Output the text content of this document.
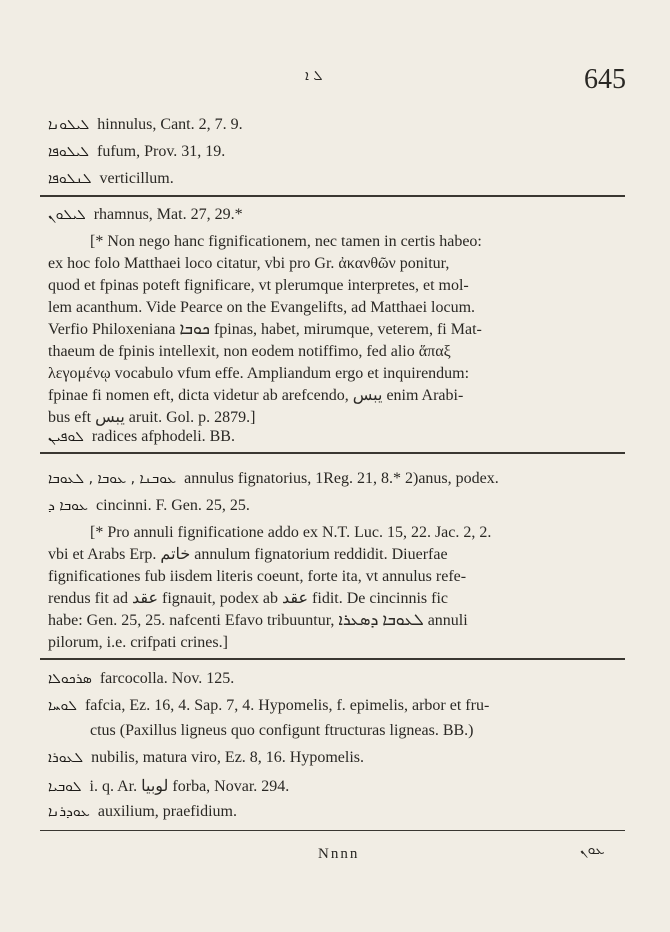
ܠ ܐ	645
ܠܝܠܘܢܐ hinnulus, Cant. 2, 7. 9.
ܠܝܠܘܦܐ fufum, Prov. 31, 19.
ܠܢܠܘܦܐ verticillum.
ܠܝܠܘܢ rhamnus, Mat. 27, 29.*
[* Non nego hanc fignificationem, nec tamen in certis habeo:
ex hoc folo Matthaei loco citatur, vbi pro Gr. ἀκανθῶν ponitur,
quod et fpinas poteft fignificare, vt plerumque interpretes, et mol-
lem acanthum. Vide Pearce on the Evangelifts, ad Matthaei locum.
Verfio Philoxeniana ܟܘܒܐ fpinas, habet, mirumque, veterem, fi Mat-
thaeum de fpinis intellexit, non eodem notiffimo, fed alio ἅπαξ
λεγομένῳ vocabulo vfum effe. Ampliandum ergo et inquirendum:
fpinae fi nomen eft, dicta videtur ab arefcendo, يبس enim Arabi-
bus eft يبس aruit. Gol. p. 2879.]
ܠܘܦܝܢ radices afphodeli. BB.
ܥܘܒܢܐ , ܥܘܒܐ , ܠܥܘܒܐ annulus fignatorius, 1Reg. 21, 8.* 2)anus, podex.
ܥܘܒܐ ܕ cincinni. F. Gen. 25, 25.
[* Pro annuli fignificatione addo ex N.T. Luc. 15, 22. Jac. 2, 2.
vbi et Arabs Erp. خاتم annulum fignatorium reddidit. Diuerfae
fignificationes fub iisdem literis coeunt, forte ita, vt annulus refe-
rendus fit ad عقد fignauit, podex ab عقد fidit. De cincinnis fic
habe: Gen. 25, 25. nafcenti Efavo tribuuntur, ܠܥܘܒܐ ܕܣܥܪܐ annuli
pilorum, i.e. crifpati crines.]
ܣܪܟܘܠܐ farcocolla. Nov. 125.
ܠܘܚܐ fafcia, Ez. 16, 4. Sap. 7, 4. Hypomelis, f. epimelis, arbor et fru-
ctus (Paxillus ligneus quo configunt ftructuras ligneas. BB.)
ܠܥܘܪܐ nubilis, matura viro, Ez. 8, 16. Hypomelis.
ܠܘܒܝܐ i. q. Ar. لوبيا forba, Novar. 294.
ܥܘܕܪܢܐ auxilium, praefidium.
Nnnn	ܥܘܢ
